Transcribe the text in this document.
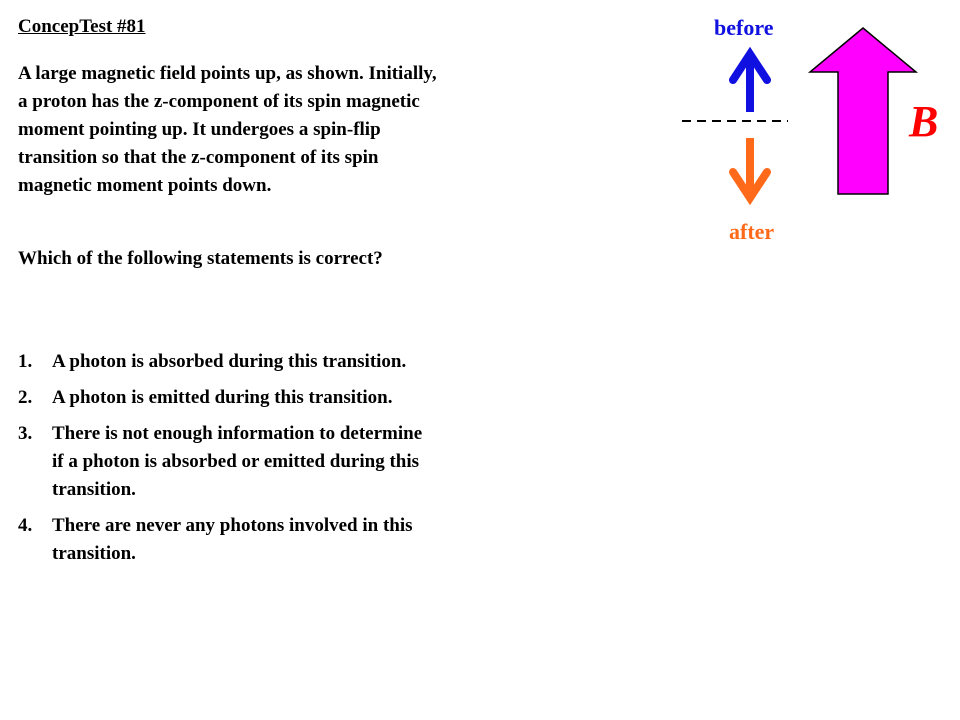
ConcepTest #81

A large magnetic field points up, as shown. Initially, a proton has the z-component of its spin magnetic moment pointing up. It undergoes a spin-flip transition so that the z-component of its spin magnetic moment points down.

Which of the following statements is correct?

1.	A photon is absorbed during this transition.
2.	A photon is emitted during this transition.
3.	There is not enough information to determine if a photon is absorbed or emitted during this transition.
4.	There are never any photons involved in this transition.
before
after
B
